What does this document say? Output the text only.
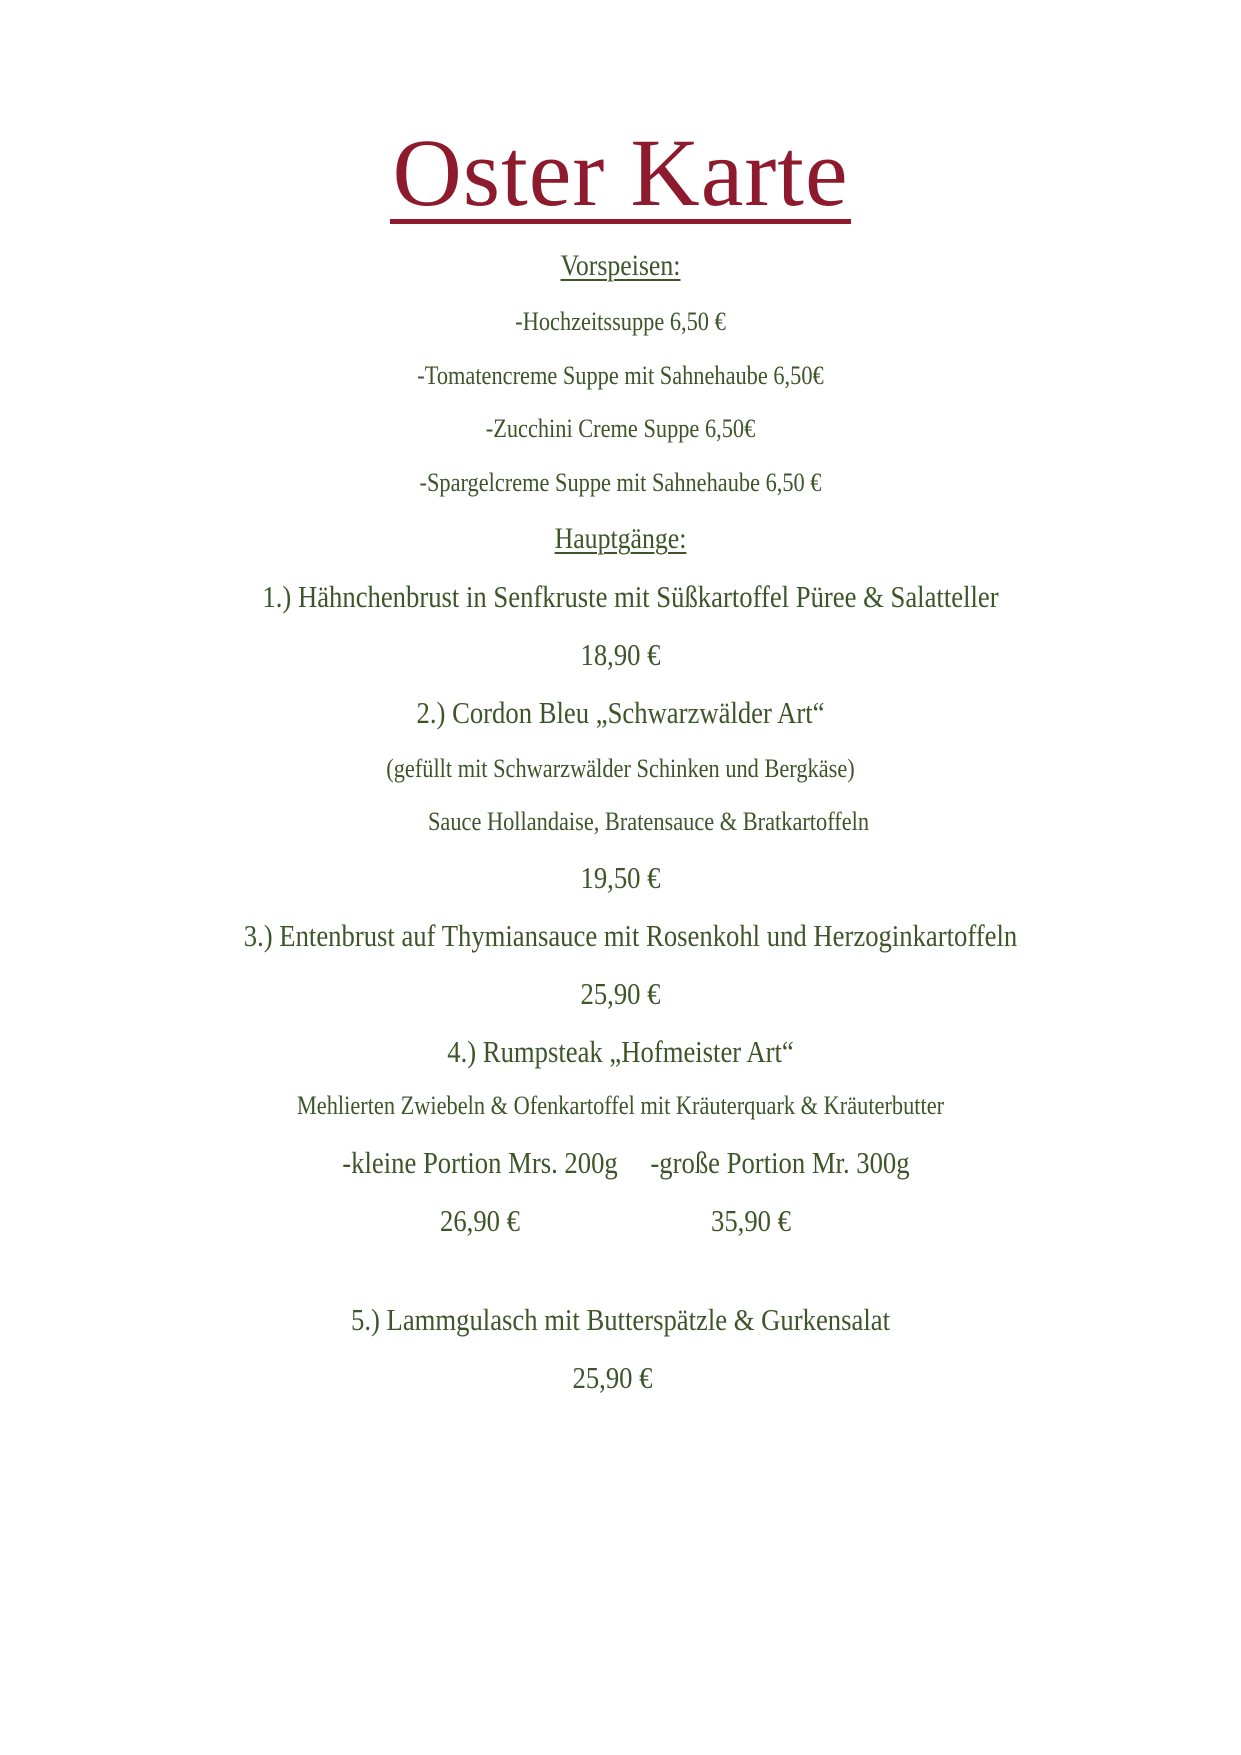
Oster Karte
Vorspeisen:
-Hochzeitssuppe 6,50 €
-Tomatencreme Suppe mit Sahnehaube 6,50€
-Zucchini Creme Suppe 6,50€
-Spargelcreme Suppe mit Sahnehaube 6,50 €
Hauptgänge:
1.) Hähnchenbrust in Senfkruste mit Süßkartoffel Püree & Salatteller
18,90 €
2.) Cordon Bleu „Schwarzwälder Art“
(gefüllt mit Schwarzwälder Schinken und Bergkäse)
Sauce Hollandaise, Bratensauce & Bratkartoffeln
19,50 €
3.) Entenbrust auf Thymiansauce mit Rosenkohl und Herzoginkartoffeln
25,90 €
4.) Rumpsteak „Hofmeister Art“
Mehlierten Zwiebeln & Ofenkartoffel mit Kräuterquark & Kräuterbutter
-kleine Portion Mrs. 200g	-große Portion Mr. 300g
26,90 €	35,90 €
5.) Lammgulasch mit Butterspätzle & Gurkensalat
25,90 €
